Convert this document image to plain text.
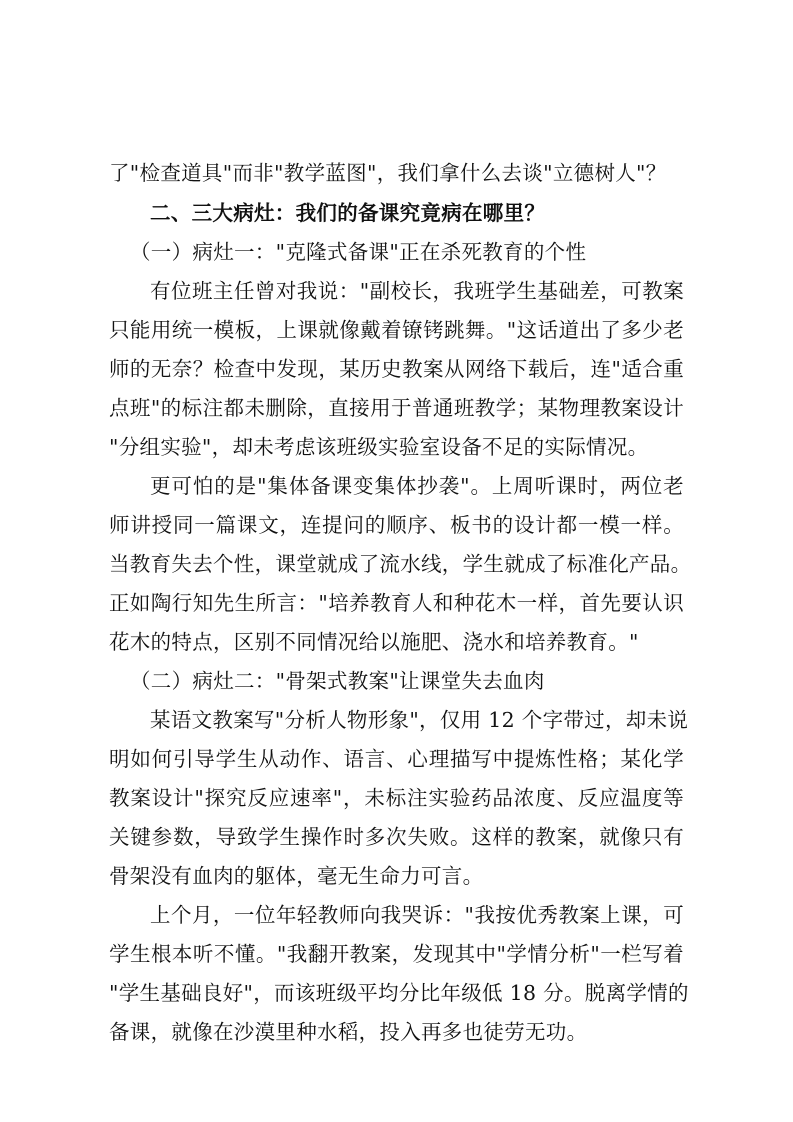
了"检查道具"而非"教学蓝图"，我们拿什么去谈"立德树人"？
二、三大病灶：我们的备课究竟病在哪里？
（一）病灶一："克隆式备课"正在杀死教育的个性
有位班主任曾对我说："副校长，我班学生基础差，可教案
只能用统一模板，上课就像戴着镣铐跳舞。"这话道出了多少老
师的无奈？检查中发现，某历史教案从网络下载后，连"适合重
点班"的标注都未删除，直接用于普通班教学；某物理教案设计
"分组实验"，却未考虑该班级实验室设备不足的实际情况。
更可怕的是"集体备课变集体抄袭"。上周听课时，两位老
师讲授同一篇课文，连提问的顺序、板书的设计都一模一样。
当教育失去个性，课堂就成了流水线，学生就成了标准化产品。
正如陶行知先生所言："培养教育人和种花木一样，首先要认识
花木的特点，区别不同情况给以施肥、浇水和培养教育。"
（二）病灶二："骨架式教案"让课堂失去血肉
某语文教案写"分析人物形象"，仅用 12 个字带过，却未说
明如何引导学生从动作、语言、心理描写中提炼性格；某化学
教案设计"探究反应速率"，未标注实验药品浓度、反应温度等
关键参数，导致学生操作时多次失败。这样的教案，就像只有
骨架没有血肉的躯体，毫无生命力可言。
上个月，一位年轻教师向我哭诉："我按优秀教案上课，可
学生根本听不懂。"我翻开教案，发现其中"学情分析"一栏写着
"学生基础良好"，而该班级平均分比年级低 18 分。脱离学情的
备课，就像在沙漠里种水稻，投入再多也徒劳无功。
